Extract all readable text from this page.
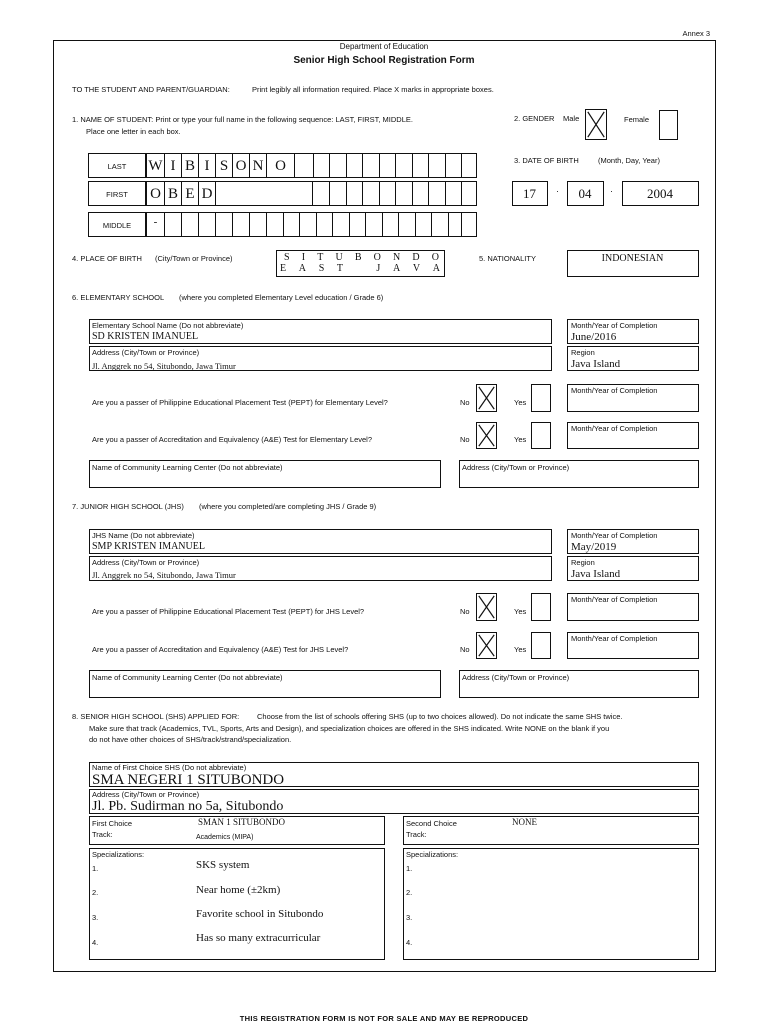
Annex 3
Department of Education
Senior High School Registration Form
TO THE STUDENT AND PARENT/GUARDIAN:	Print legibly all information required. Place X marks in appropriate boxes.
1. NAME OF STUDENT: Print or type your full name in the following sequence: LAST, FIRST, MIDDLE.
Place one letter in each box.
LAST	W I B I S O N O
FIRST	O B E D
MIDDLE	-
2. GENDER Male	Female
3. DATE OF BIRTH	(Month, Day, Year)
17	·	04	·	2004
4. PLACE OF BIRTH (City/Town or Province)	S I T U B O N D O
E A S T	J A V A
5. NATIONALITY	INDONESIAN
6. ELEMENTARY SCHOOL (where you completed Elementary Level education / Grade 6)
Elementary School Name (Do not abbreviate)
SD KRISTEN IMANUEL
Month/Year of Completion
June/2016
Address (City/Town or Province)
Jl. Anggrek no 54, Situbondo, Jawa Timur
Region
Java Island
Are you a passer of Philippine Educational Placement Test (PEPT) for Elementary Level?	No	Yes
Month/Year of Completion
Are you a passer of Accreditation and Equivalency (A&E) Test for Elementary Level?	No	Yes
Month/Year of Completion
Name of Community Learning Center (Do not abbreviate)	Address (City/Town or Province)
7. JUNIOR HIGH SCHOOL (JHS) (where you completed/are completing JHS / Grade 9)
JHS Name (Do not abbreviate)
SMP KRISTEN IMANUEL
Month/Year of Completion
May/2019
Address (City/Town or Province)
Jl. Anggrek no 54, Situbondo, Jawa Timur
Region
Java Island
Are you a passer of Philippine Educational Placement Test (PEPT) for JHS Level?	No	Yes
Month/Year of Completion
Are you a passer of Accreditation and Equivalency (A&E) Test for JHS Level?	No	Yes
Month/Year of Completion
Name of Community Learning Center (Do not abbreviate)	Address (City/Town or Province)
8. SENIOR HIGH SCHOOL (SHS) APPLIED FOR: Choose from the list of schools offering SHS (up to two choices allowed). Do not indicate the same SHS twice.
Make sure that track (Academics, TVL, Sports, Arts and Design), and specialization choices are offered in the SHS indicated. Write NONE on the blank if you
do not have other choices of SHS/track/strand/specialization.
Name of First Choice SHS (Do not abbreviate)
SMA NEGERI 1 SITUBONDO
Address (City/Town or Province)
Jl. Pb. Sudirman no 5a, Situbondo
First Choice	SMAN 1 SITUBONDO
Track:	Academics (MIPA)
Second Choice	NONE
Track:
Specializations:
1.	SKS system
2.	Near home (±2km)
3.	Favorite school in Situbondo
4.	Has so many extracurricular
Specializations:
1.
2.
3.
4.
THIS REGISTRATION FORM IS NOT FOR SALE AND MAY BE REPRODUCED
